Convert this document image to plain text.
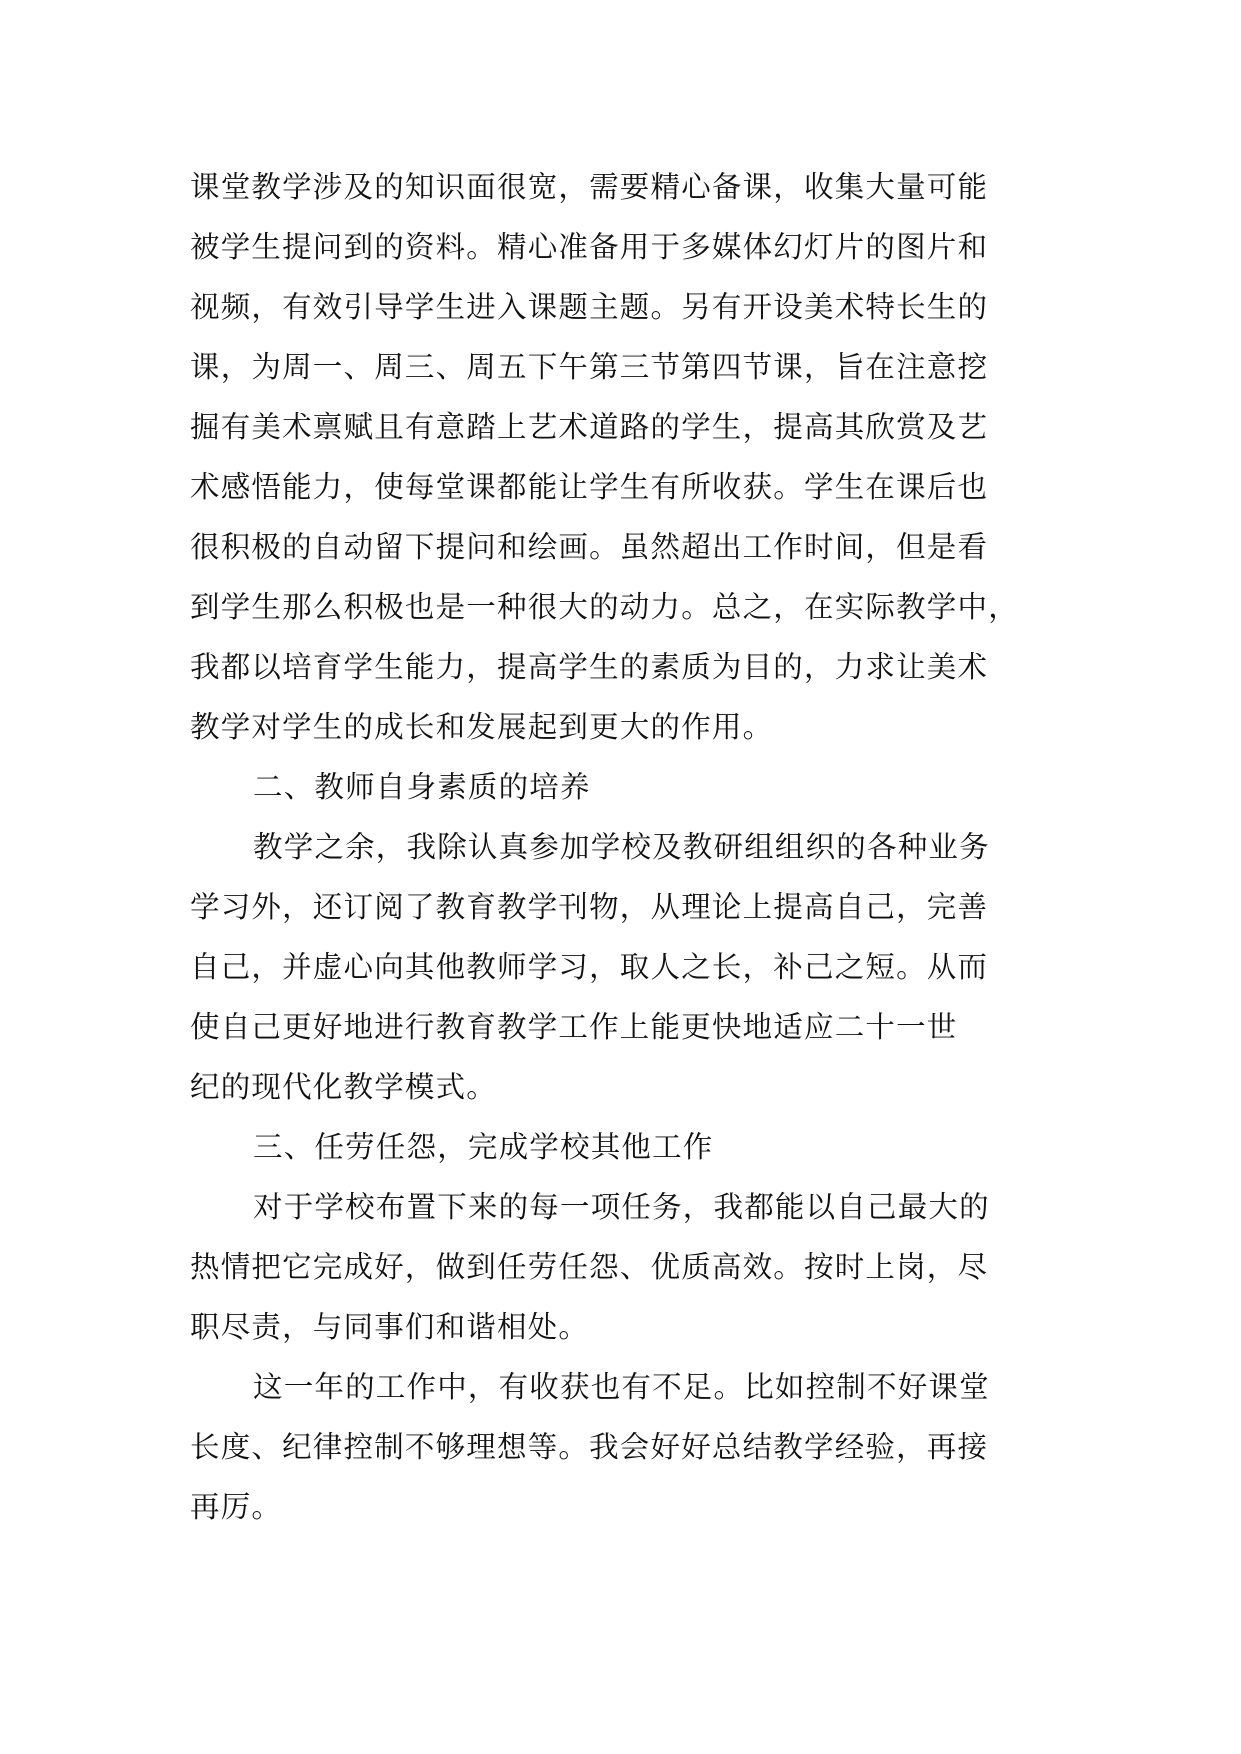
课堂教学涉及的知识面很宽，需要精心备课，收集大量可能
被学生提问到的资料。精心准备用于多媒体幻灯片的图片和
视频，有效引导学生进入课题主题。另有开设美术特长生的
课，为周一、周三、周五下午第三节第四节课，旨在注意挖
掘有美术禀赋且有意踏上艺术道路的学生，提高其欣赏及艺
术感悟能力，使每堂课都能让学生有所收获。学生在课后也
很积极的自动留下提问和绘画。虽然超出工作时间，但是看
到学生那么积极也是一种很大的动力。总之，在实际教学中，
我都以培育学生能力，提高学生的素质为目的，力求让美术
教学对学生的成长和发展起到更大的作用。
二、教师自身素质的培养
教学之余，我除认真参加学校及教研组组织的各种业务
学习外，还订阅了教育教学刊物，从理论上提高自己，完善
自己，并虚心向其他教师学习，取人之长，补己之短。从而
使自己更好地进行教育教学工作上能更快地适应二十一世
纪的现代化教学模式。
三、任劳任怨，完成学校其他工作
对于学校布置下来的每一项任务，我都能以自己最大的
热情把它完成好，做到任劳任怨、优质高效。按时上岗，尽
职尽责，与同事们和谐相处。
这一年的工作中，有收获也有不足。比如控制不好课堂
长度、纪律控制不够理想等。我会好好总结教学经验，再接
再厉。
